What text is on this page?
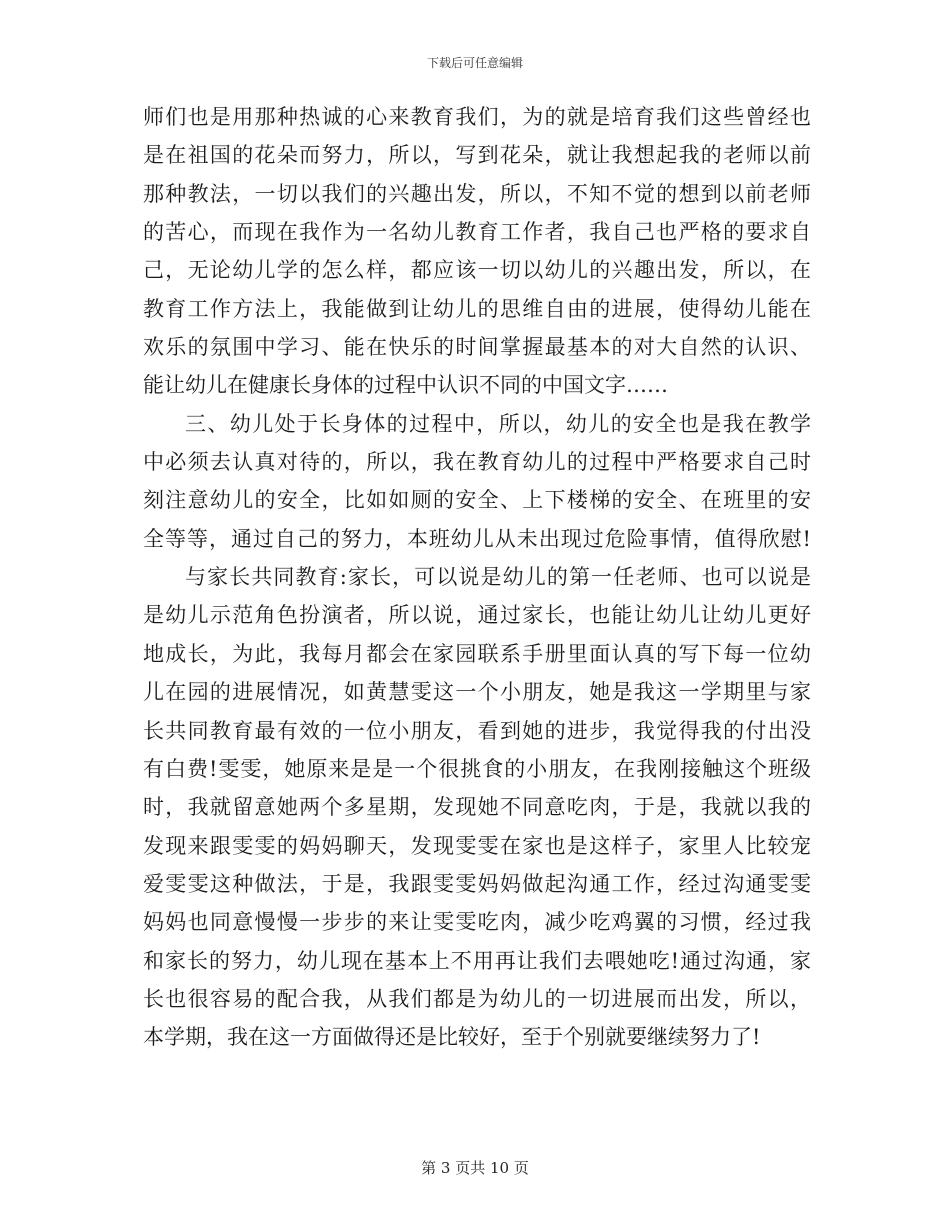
下载后可任意编辑
师们也是用那种热诚的心来教育我们，为的就是培育我们这些曾经也
是在祖国的花朵而努力，所以，写到花朵，就让我想起我的老师以前
那种教法，一切以我们的兴趣出发，所以，不知不觉的想到以前老师
的苦心，而现在我作为一名幼儿教育工作者，我自己也严格的要求自
己，无论幼儿学的怎么样，都应该一切以幼儿的兴趣出发，所以，在
教育工作方法上，我能做到让幼儿的思维自由的进展，使得幼儿能在
欢乐的氛围中学习、能在快乐的时间掌握最基本的对大自然的认识、
能让幼儿在健康长身体的过程中认识不同的中国文字……
三、幼儿处于长身体的过程中，所以，幼儿的安全也是我在教学
中必须去认真对待的，所以，我在教育幼儿的过程中严格要求自己时
刻注意幼儿的安全，比如如厕的安全、上下楼梯的安全、在班里的安
全等等，通过自己的努力，本班幼儿从未出现过危险事情，值得欣慰!
与家长共同教育:家长，可以说是幼儿的第一任老师、也可以说是
是幼儿示范角色扮演者，所以说，通过家长，也能让幼儿让幼儿更好
地成长，为此，我每月都会在家园联系手册里面认真的写下每一位幼
儿在园的进展情况，如黄慧雯这一个小朋友，她是我这一学期里与家
长共同教育最有效的一位小朋友，看到她的进步，我觉得我的付出没
有白费!雯雯，她原来是是一个很挑食的小朋友，在我刚接触这个班级
时，我就留意她两个多星期，发现她不同意吃肉，于是，我就以我的
发现来跟雯雯的妈妈聊天，发现雯雯在家也是这样子，家里人比较宠
爱雯雯这种做法，于是，我跟雯雯妈妈做起沟通工作，经过沟通雯雯
妈妈也同意慢慢一步步的来让雯雯吃肉，减少吃鸡翼的习惯，经过我
和家长的努力，幼儿现在基本上不用再让我们去喂她吃!通过沟通，家
长也很容易的配合我，从我们都是为幼儿的一切进展而出发，所以，
本学期，我在这一方面做得还是比较好，至于个别就要继续努力了!
第 3 页共 10 页
